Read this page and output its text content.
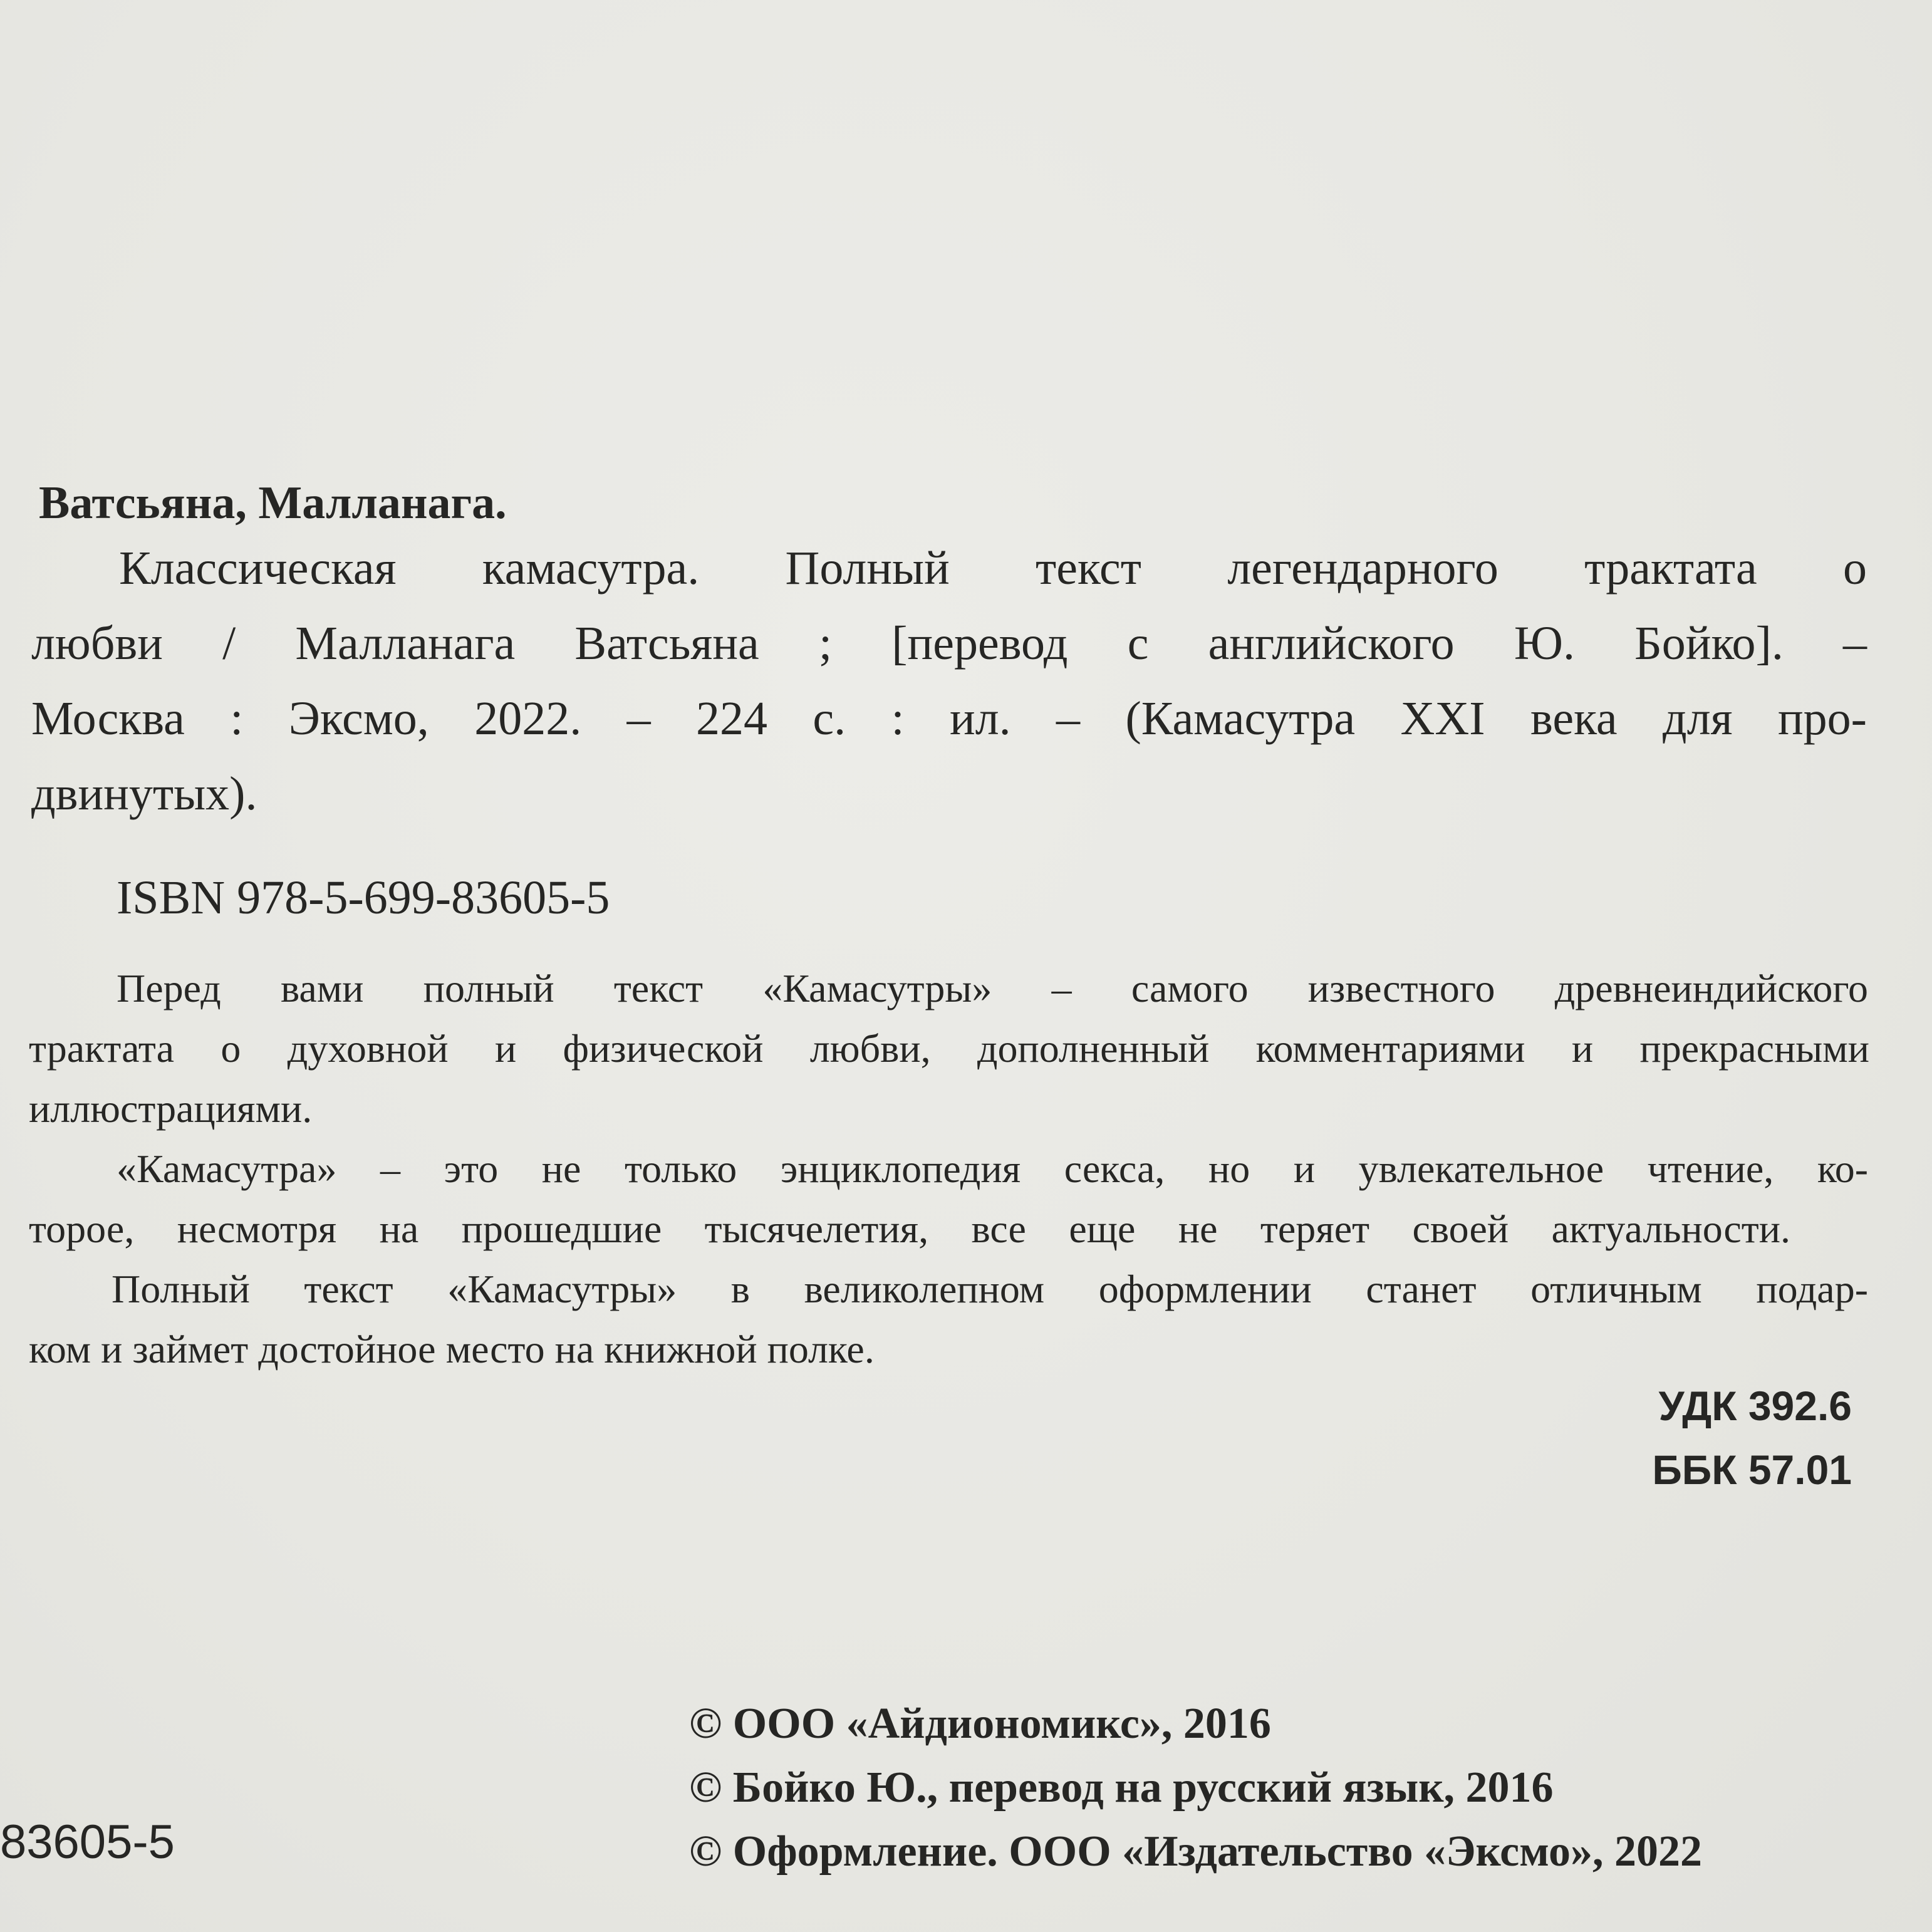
Ватсьяна, Малланага.
Классическая камасутра. Полный текст легендарного трактата о
любви / Малланага Ватсьяна ; [перевод с английского Ю. Бойко]. –
Москва : Эксмо, 2022. – 224 с. : ил. – (Камасутра XXI века для про-
двинутых).
ISBN 978-5-699-83605-5
Перед вами полный текст «Камасутры» – самого известного древнеиндийского
трактата о духовной и физической любви, дополненный комментариями и прекрасными
иллюстрациями.
«Камасутра» – это не только энциклопедия секса, но и увлекательное чтение, ко-
торое, несмотря на прошедшие тысячелетия, все еще не теряет своей актуальности.
Полный текст «Камасутры» в великолепном оформлении станет отличным подар-
ком и займет достойное место на книжной полке.
УДК 392.6
ББК 57.01
© ООО «Айдиономикс», 2016
© Бойко Ю., перевод на русский язык, 2016
© Оформление. ООО «Издательство «Эксмо», 2022
83605-5
